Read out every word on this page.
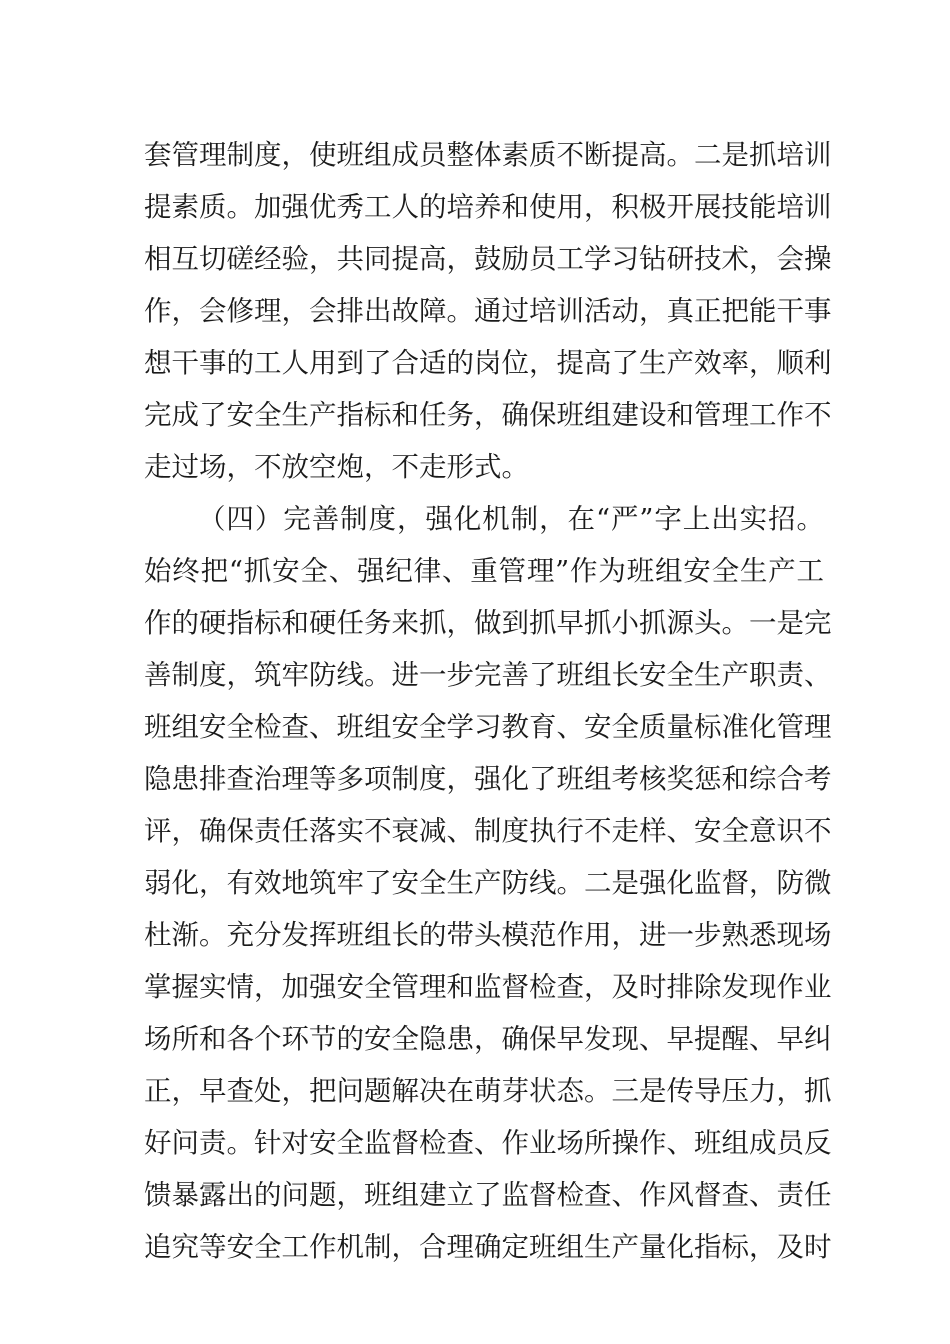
套管理制度，使班组成员整体素质不断提高。二是抓培训
提素质。加强优秀工人的培养和使用，积极开展技能培训
相互切磋经验，共同提高，鼓励员工学习钻研技术，会操
作，会修理，会排出故障。通过培训活动，真正把能干事
想干事的工人用到了合适的岗位，提高了生产效率，顺利
完成了安全生产指标和任务，确保班组建设和管理工作不
走过场，不放空炮，不走形式。
（四）完善制度，强化机制，在“严”字上出实招。
始终把“抓安全、强纪律、重管理”作为班组安全生产工
作的硬指标和硬任务来抓，做到抓早抓小抓源头。一是完
善制度，筑牢防线。进一步完善了班组长安全生产职责、
班组安全检查、班组安全学习教育、安全质量标准化管理
隐患排查治理等多项制度，强化了班组考核奖惩和综合考
评，确保责任落实不衰减、制度执行不走样、安全意识不
弱化，有效地筑牢了安全生产防线。二是强化监督，防微
杜渐。充分发挥班组长的带头模范作用，进一步熟悉现场
掌握实情，加强安全管理和监督检查，及时排除发现作业
场所和各个环节的安全隐患，确保早发现、早提醒、早纠
正，早查处，把问题解决在萌芽状态。三是传导压力，抓
好问责。针对安全监督检查、作业场所操作、班组成员反
馈暴露出的问题，班组建立了监督检查、作风督查、责任
追究等安全工作机制，合理确定班组生产量化指标，及时
